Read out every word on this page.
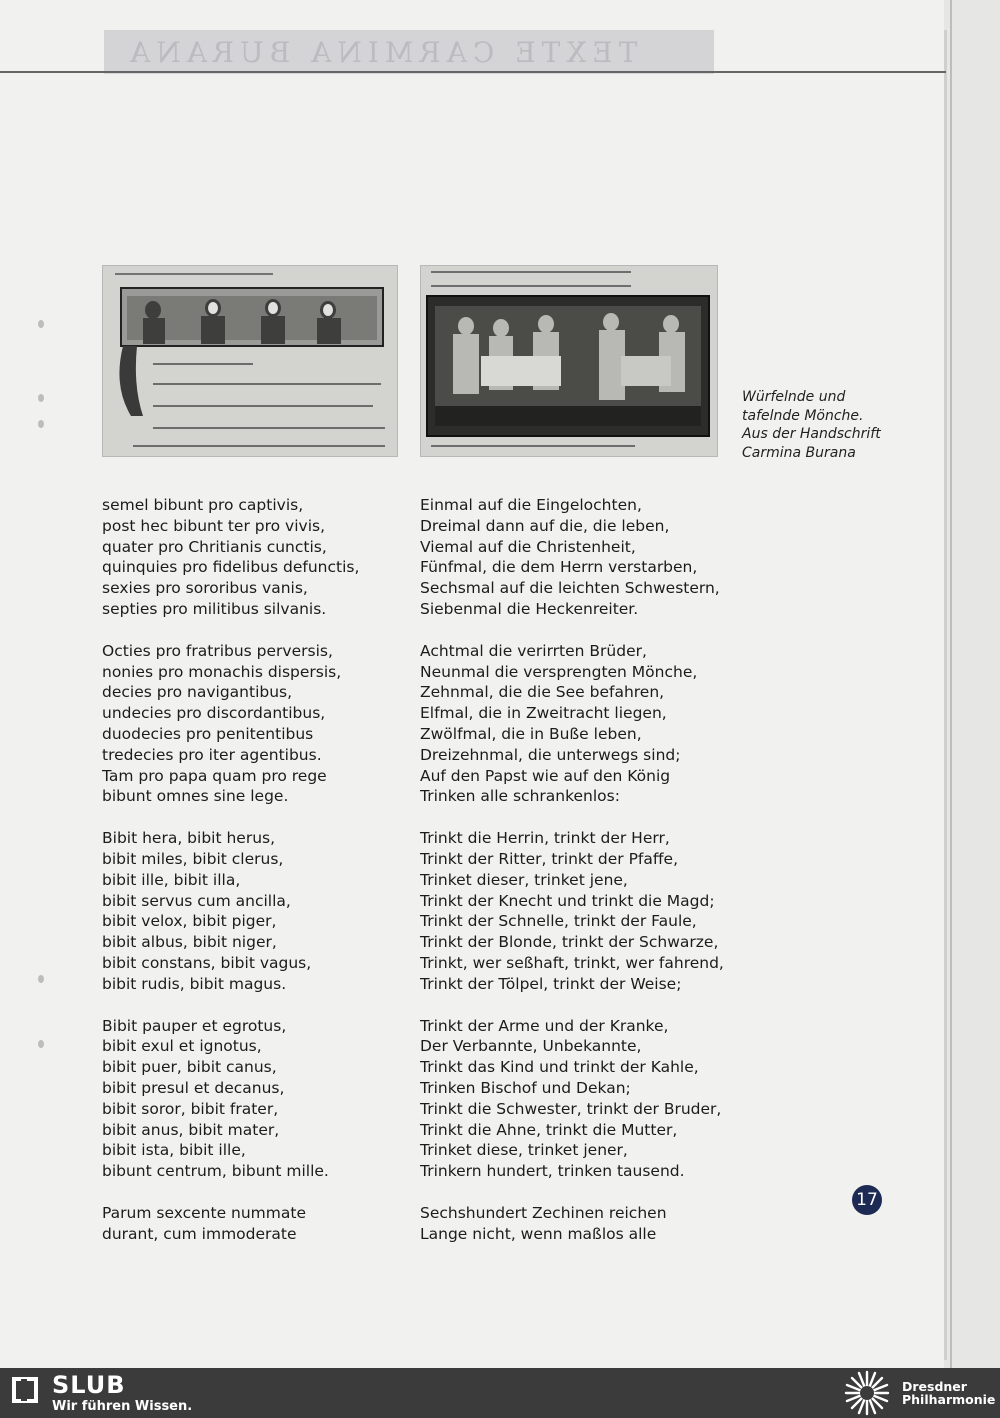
TEXTE CARMINA BURANA
Würfelnde und
tafelnde Mönche.
Aus der Handschrift
Carmina Burana
semel bibunt pro captivis,
post hec bibunt ter pro vivis,
quater pro Chritianis cunctis,
quinquies pro fidelibus defunctis,
sexies pro sororibus vanis,
septies pro militibus silvanis.
Octies pro fratribus perversis,
nonies pro monachis dispersis,
decies pro navigantibus,
undecies pro discordantibus,
duodecies pro penitentibus
tredecies pro iter agentibus.
Tam pro papa quam pro rege
bibunt omnes sine lege.
Bibit hera, bibit herus,
bibit miles, bibit clerus,
bibit ille, bibit illa,
bibit servus cum ancilla,
bibit velox, bibit piger,
bibit albus, bibit niger,
bibit constans, bibit vagus,
bibit rudis, bibit magus.
Bibit pauper et egrotus,
bibit exul et ignotus,
bibit puer, bibit canus,
bibit presul et decanus,
bibit soror, bibit frater,
bibit anus, bibit mater,
bibit ista, bibit ille,
bibunt centrum, bibunt mille.
Parum sexcente nummate
durant, cum immoderate
Einmal auf die Eingelochten,
Dreimal dann auf die, die leben,
Viemal auf die Christenheit,
Fünfmal, die dem Herrn verstarben,
Sechsmal auf die leichten Schwestern,
Siebenmal die Heckenreiter.
Achtmal die verirrten Brüder,
Neunmal die versprengten Mönche,
Zehnmal, die die See befahren,
Elfmal, die in Zweitracht liegen,
Zwölfmal, die in Buße leben,
Dreizehnmal, die unterwegs sind;
Auf den Papst wie auf den König
Trinken alle schrankenlos:
Trinkt die Herrin, trinkt der Herr,
Trinkt der Ritter, trinkt der Pfaffe,
Trinket dieser, trinket jene,
Trinkt der Knecht und trinkt die Magd;
Trinkt der Schnelle, trinkt der Faule,
Trinkt der Blonde, trinkt der Schwarze,
Trinkt, wer seßhaft, trinkt, wer fahrend,
Trinkt der Tölpel, trinkt der Weise;
Trinkt der Arme und der Kranke,
Der Verbannte, Unbekannte,
Trinkt das Kind und trinkt der Kahle,
Trinken Bischof und Dekan;
Trinkt die Schwester, trinkt der Bruder,
Trinkt die Ahne, trinkt die Mutter,
Trinket diese, trinket jener,
Trinkern hundert, trinken tausend.
Sechshundert Zechinen reichen
Lange nicht, wenn maßlos alle
17
SLUB
Wir führen Wissen.
Dresdner
Philharmonie
